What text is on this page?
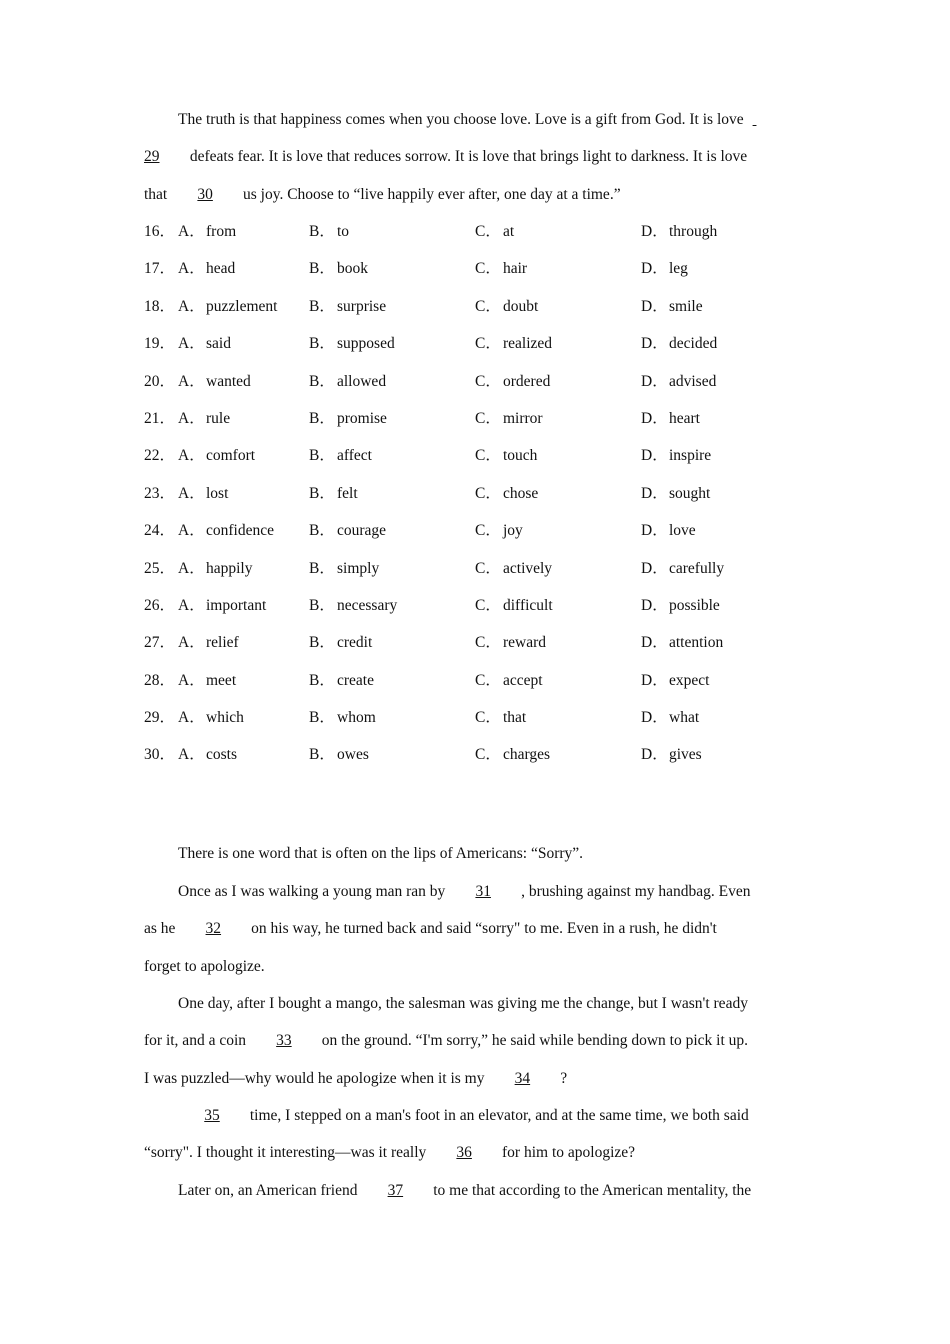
The truth is that happiness comes when you choose love. Love is a gift from God. It is love
29 defeats fear. It is love that reduces sorrow. It is love that brings light to darkness. It is love
that 30 us joy. Choose to “live happily ever after, one day at a time.”
16． A．from	B． to	C． at	D．through
17． A．head	B． book	C． hair	D．leg
18． A．puzzlement B． surprise	C． doubt	D．smile
19． A．said	B． supposed	C． realized	D．decided
20． A．wanted	B． allowed	C． ordered	D．advised
21． A．rule	B． promise	C． mirror	D．heart
22． A．comfort	B． affect	C． touch	D．inspire
23． A．lost	B． felt	C． chose	D．sought
24． A．confidence B． courage	C． joy	D．love
25． A．happily	B． simply	C． actively	D．carefully
26． A．important	B． necessary	C． difficult	D．possible
27． A．relief	B． credit	C． reward	D．attention
28． A．meet	B． create	C． accept	D．expect
29． A．which	B． whom	C． that	D．what
30． A．costs	B． owes	C． charges	D．gives
There is one word that is often on the lips of Americans: “Sorry”.
Once as I was walking a young man ran by 31 , brushing against my handbag. Even
as he 32 on his way, he turned back and said “sorry" to me. Even in a rush, he didn't
forget to apologize.
One day, after I bought a mango, the salesman was giving me the change, but I wasn't ready
for it, and a coin 33 on the ground. “I'm sorry,” he said while bending down to pick it up.
I was puzzled—why would he apologize when it is my 34 ?
35 time, I stepped on a man's foot in an elevator, and at the same time, we both said
“sorry". I thought it interesting—was it really 36 for him to apologize?
Later on, an American friend 37 to me that according to the American mentality, the
